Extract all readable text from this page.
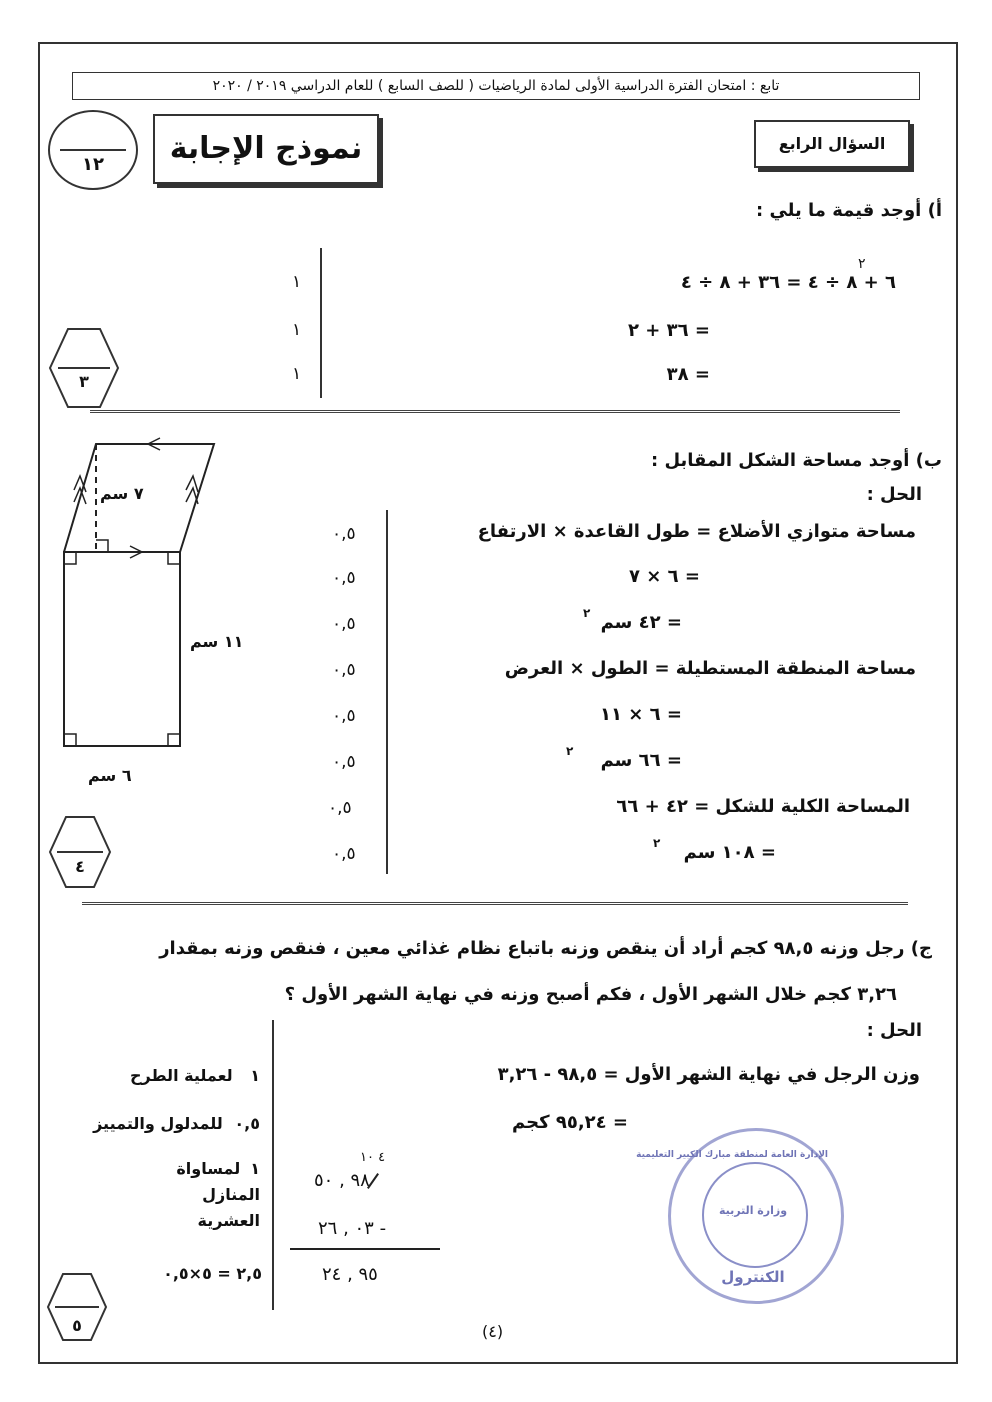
تابع : امتحان الفترة الدراسية الأولى لمادة الرياضيات ( للصف السابع ) للعام الدراسي ٢٠١٩ / ٢٠٢٠
١٢	نموذج الإجابة	السؤال الرابع
أ) أوجد قيمة ما يلي :
٢
٦ + ٨ ÷ ٤ = ٣٦ + ٨ ÷ ٤
= ٣٦ + ٢
= ٣٨
١
١
١
٣
٧ سم
١١ سم
٦ سم
ب) أوجد مساحة الشكل المقابل :
الحل :
مساحة متوازي الأضلاع = طول القاعدة × الارتفاع
= ٦ × ٧
= ٤٢ سم
٢
مساحة المنطقة المستطيلة = الطول × العرض
= ٦ × ١١
= ٦٦ سم
٢
المساحة الكلية للشكل = ٤٢ + ٦٦
= ١٠٨ سم
٢
٠,٥
٠,٥
٠,٥
٠,٥
٠,٥
٠,٥
٠,٥
٠,٥
٤
ج) رجل وزنه ٩٨,٥ كجم أراد أن ينقص وزنه باتباع نظام غذائي معين ، فنقص وزنه بمقدار
٣,٢٦ كجم خلال الشهر الأول ، فكم أصبح وزنه في نهاية الشهر الأول ؟
الحل :
وزن الرجل في نهاية الشهر الأول = ٩٨,٥ - ٣,٢٦
= ٩٥,٢٤ كجم
٤ ١٠
٩٨ , ٥٠
٠٣ , ٢٦ -
٩٥ , ٢٤
١ لعملية الطرح
٠,٥ للمدلول والتمييز
١
لمساواة المنازل العشرية
٢,٥ = ٥×٠,٥
٥
الإدارة العامة لمنطقة مبارك الكبير التعليمية
وزارة التربية
الكنترول
(٤)
